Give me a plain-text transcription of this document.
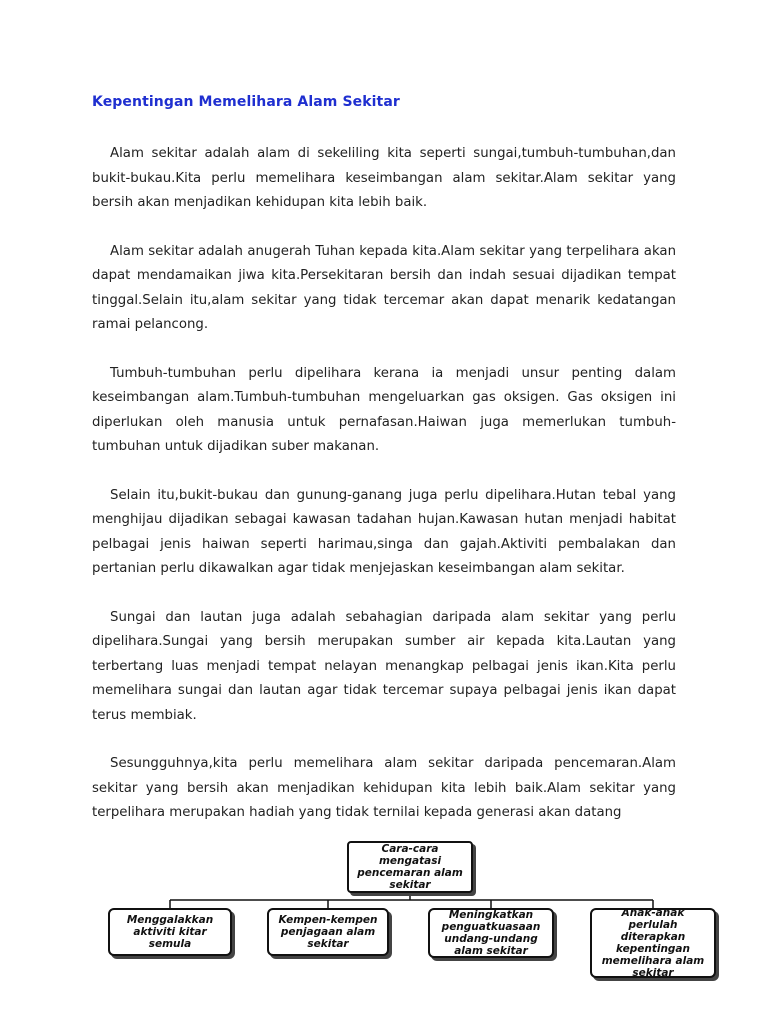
Kepentingan Memelihara Alam Sekitar

Alam sekitar adalah alam di sekeliling kita seperti sungai,tumbuh-tumbuhan,dan bukit-bukau.Kita perlu memelihara keseimbangan alam sekitar.Alam sekitar yang bersih akan menjadikan kehidupan kita lebih baik.

Alam sekitar adalah anugerah Tuhan kepada kita.Alam sekitar yang terpelihara akan dapat mendamaikan jiwa kita.Persekitaran bersih dan indah sesuai dijadikan tempat tinggal.Selain itu,alam sekitar yang tidak tercemar akan dapat menarik kedatangan ramai pelancong.

Tumbuh-tumbuhan perlu dipelihara kerana ia menjadi unsur penting dalam keseimbangan alam.Tumbuh-tumbuhan mengeluarkan gas oksigen. Gas oksigen ini diperlukan oleh manusia untuk pernafasan.Haiwan juga memerlukan tumbuh-tumbuhan untuk dijadikan suber makanan.

Selain itu,bukit-bukau dan gunung-ganang juga perlu dipelihara.Hutan tebal yang menghijau dijadikan sebagai kawasan tadahan hujan.Kawasan hutan menjadi habitat pelbagai jenis haiwan seperti harimau,singa dan gajah.Aktiviti pembalakan dan pertanian perlu dikawalkan agar tidak menjejaskan keseimbangan alam sekitar.

Sungai dan lautan juga adalah sebahagian daripada alam sekitar yang perlu dipelihara.Sungai yang bersih merupakan sumber air kepada kita.Lautan yang terbertang luas menjadi tempat nelayan menangkap pelbagai jenis ikan.Kita perlu memelihara sungai dan lautan agar tidak tercemar supaya pelbagai jenis ikan dapat terus membiak.

Sesungguhnya,kita perlu memelihara alam sekitar daripada pencemaran.Alam sekitar yang bersih akan menjadikan kehidupan kita lebih baik.Alam sekitar yang terpelihara merupakan hadiah yang tidak ternilai kepada generasi akan datang

Cara-cara mengatasi pencemaran alam sekitar
Menggalakkan aktiviti kitar semula
Kempen-kempen penjagaan alam sekitar
Meningkatkan penguatkuasaan undang-undang alam sekitar
Anak-anak perlulah diterapkan kepentingan memelihara alam sekitar
